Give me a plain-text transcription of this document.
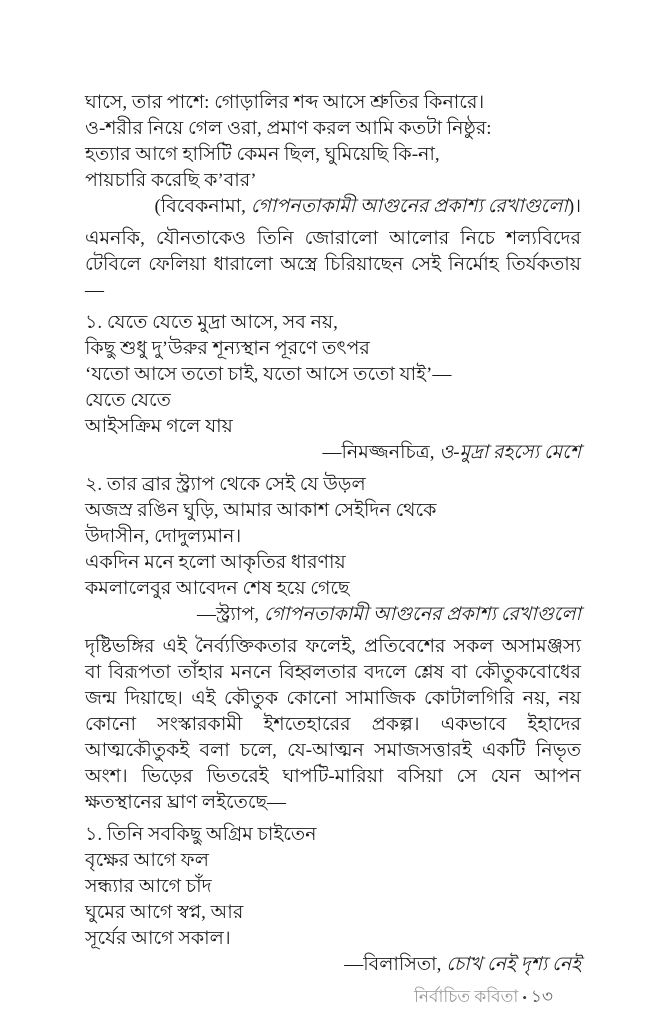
ঘাসে, তার পাশে: গোড়ালির শব্দ আসে শ্রুতির কিনারে।
ও-শরীর নিয়ে গেল ওরা, প্রমাণ করল আমি কতটা নিষ্ঠুর:
হত্যার আগে হাসিটি কেমন ছিল, ঘুমিয়েছি কি-না,
পায়চারি করেছি ক’বার’
(বিবেকনামা, গোপনতাকামী আগুনের প্রকাশ্য রেখাগুলো)।

এমনকি, যৌনতাকেও তিনি জোরালো আলোর নিচে শল্যবিদের টেবিলে ফেলিয়া ধারালো অস্ত্রে চিরিয়াছেন সেই নির্মোহ তির্যকতায়—

১. যেতে যেতে মুদ্রা আসে, সব নয়,
কিছু শুধু দু’উরুর শূন্যস্থান পূরণে তৎপর
‘যতো আসে ততো চাই, যতো আসে ততো যাই’—
যেতে যেতে
আইসক্রিম গলে যায়
—নিমজ্জনচিত্র, ও-মুদ্রা রহস্যে মেশে
২. তার ব্রার স্ট্র্যাপ থেকে সেই যে উড়ল
অজস্র রঙিন ঘুড়ি, আমার আকাশ সেইদিন থেকে
উদাসীন, দোদুল্যমান।
একদিন মনে হলো আকৃতির ধারণায়
কমলালেবুর আবেদন শেষ হয়ে গেছে
—স্ট্র্যাপ, গোপনতাকামী আগুনের প্রকাশ্য রেখাগুলো

দৃষ্টিভঙ্গির এই নৈর্ব্যক্তিকতার ফলেই, প্রতিবেশের সকল অসামঞ্জস্য বা বিরূপতা তাঁহার মননে বিহ্বলতার বদলে শ্লেষ বা কৌতুকবোধের জন্ম দিয়াছে। এই কৌতুক কোনো সামাজিক কোটালগিরি নয়, নয় কোনো সংস্কারকামী ইশতেহারের প্রকল্প। একভাবে ইহাদের আত্মকৌতুকই বলা চলে, যে-আত্মন সমাজসত্তারই একটি নিভৃত অংশ। ভিড়ের ভিতরেই ঘাপটি-মারিয়া বসিয়া সে যেন আপন ক্ষতস্থানের ঘ্রাণ লইতেছে—

১. তিনি সবকিছু অগ্রিম চাইতেন
বৃক্ষের আগে ফল
সন্ধ্যার আগে চাঁদ
ঘুমের আগে স্বপ্ন, আর
সূর্যের আগে সকাল।
—বিলাসিতা, চোখ নেই দৃশ্য নেই
নির্বাচিত কবিতা • ১৩
